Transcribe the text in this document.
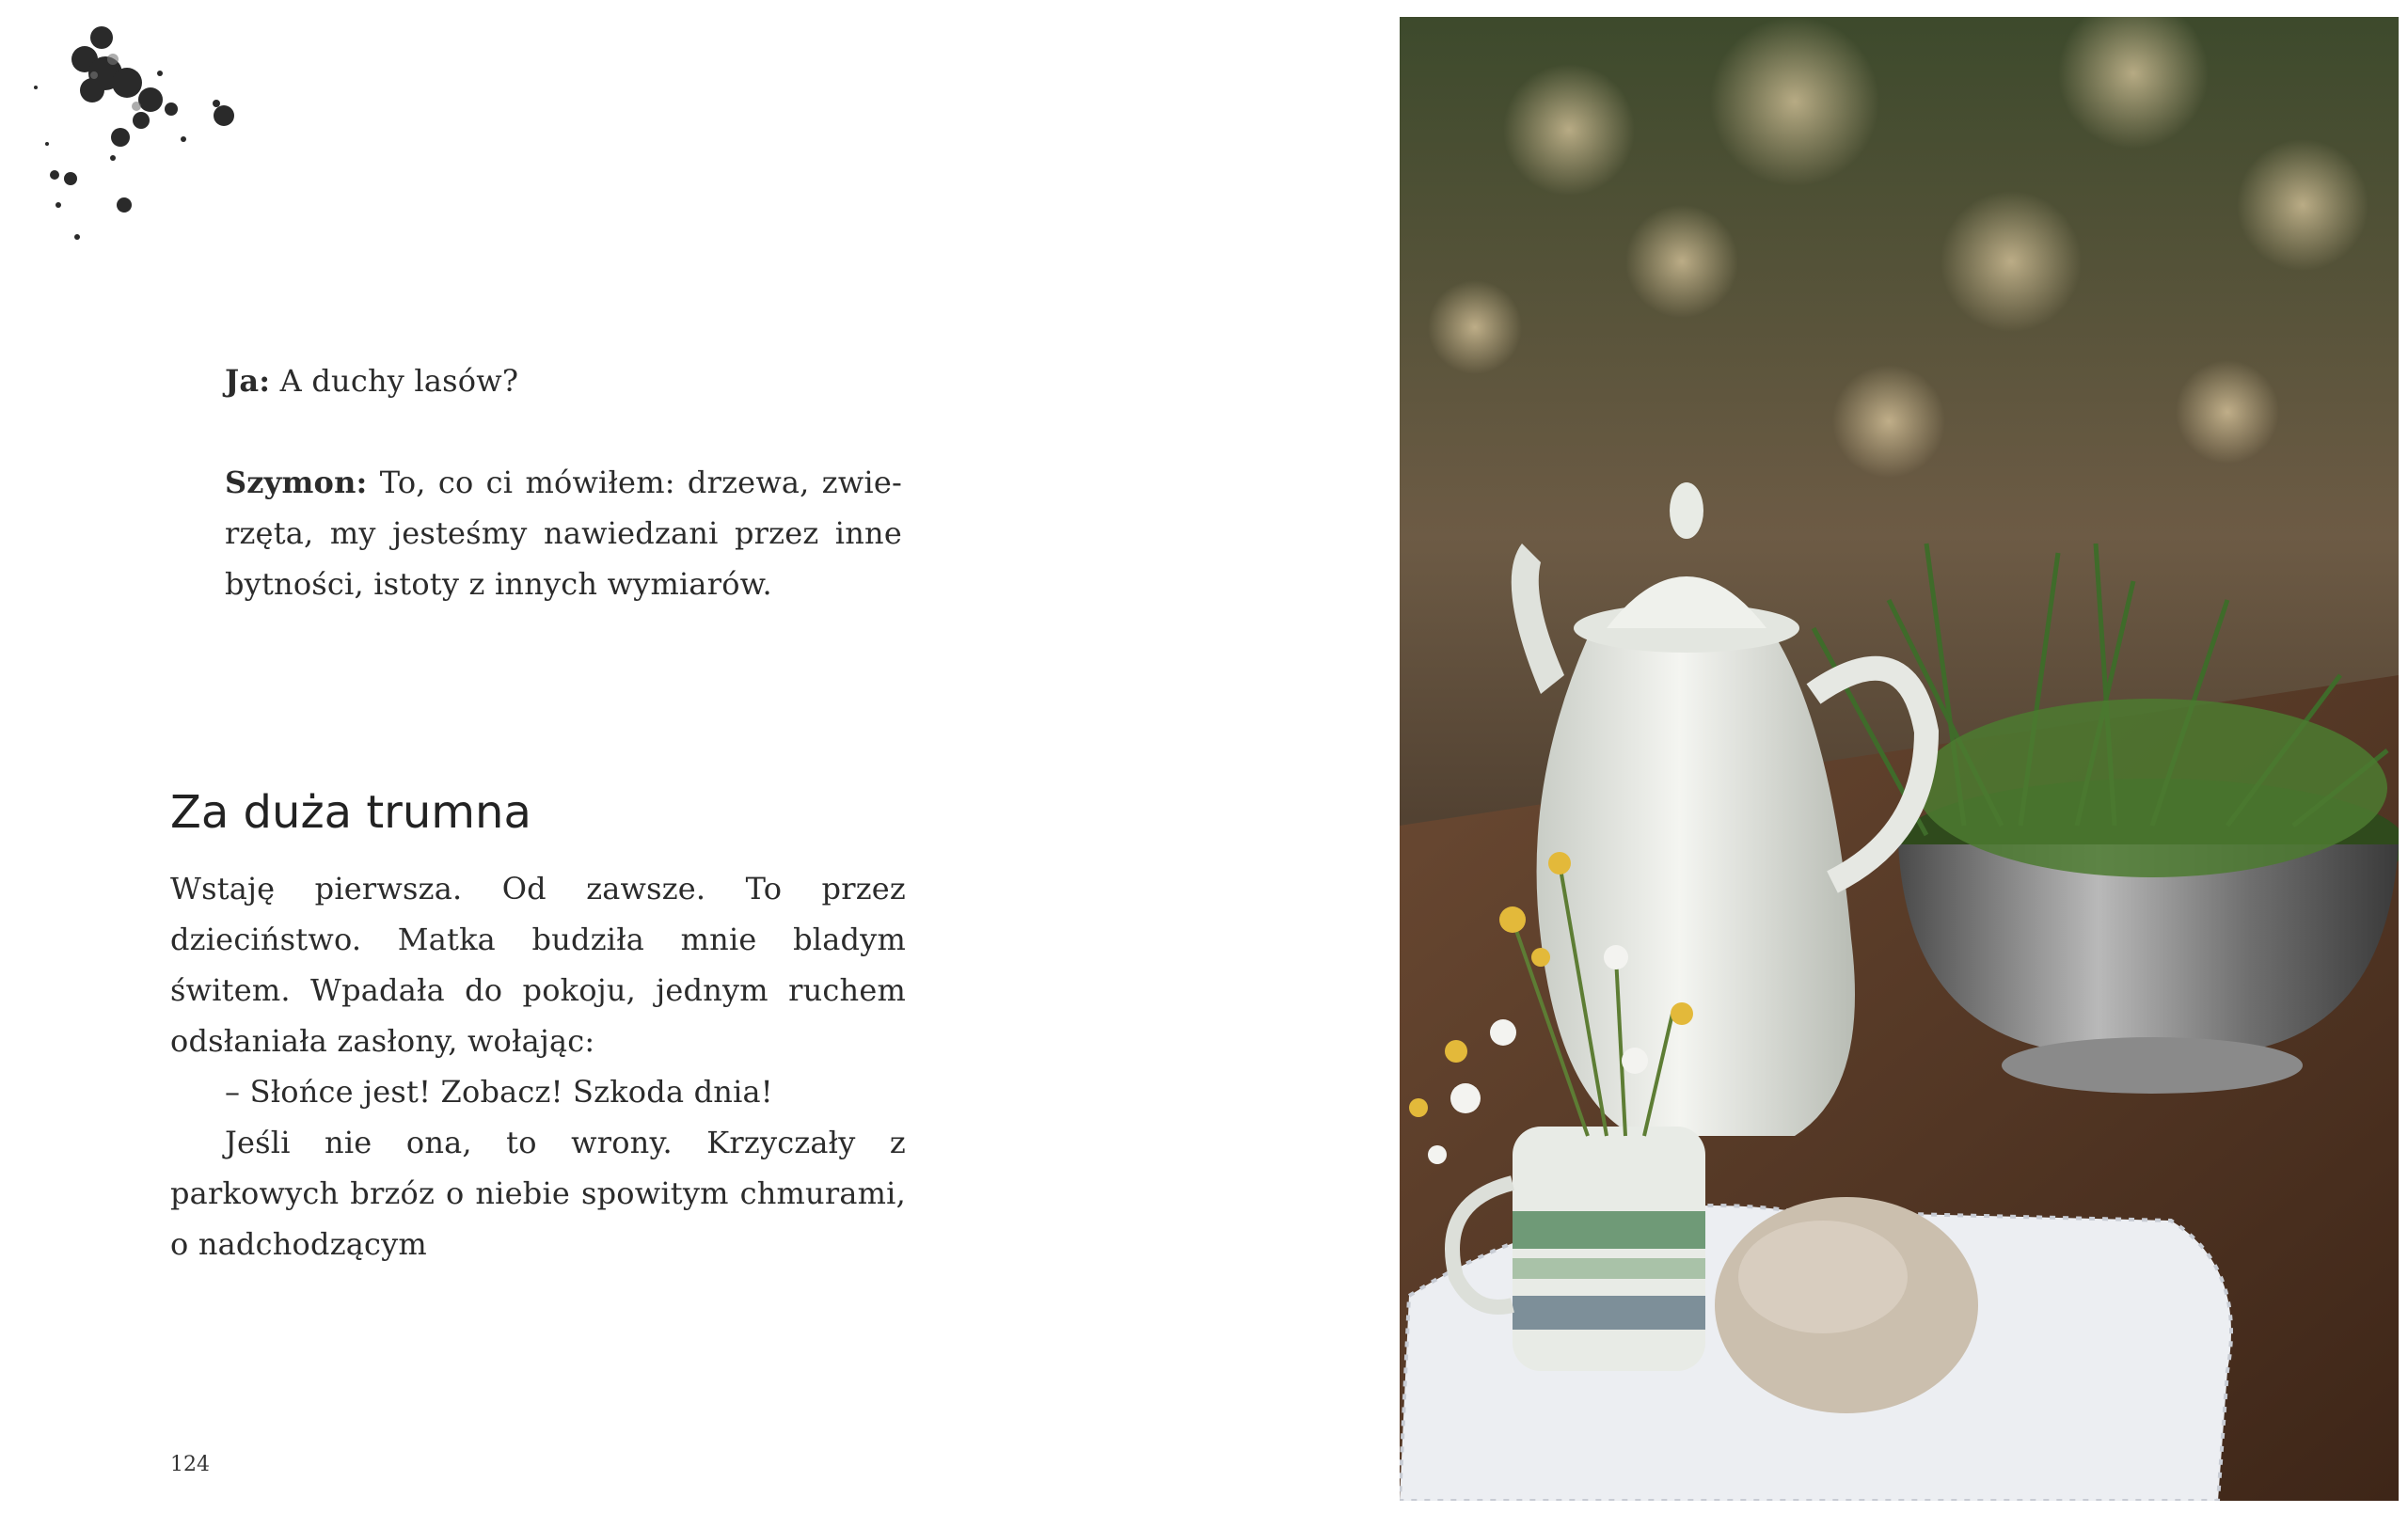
Ja: A duchy lasów?
Szymon: To, co ci mówiłem: drzewa, zwie-rzęta, my jesteśmy nawiedzani przez inne bytności, istoty z innych wymiarów.
Za duża trumna

Wstaję pierwsza. Od zawsze. To przez dzieciństwo. Matka budziła mnie bladym świtem. Wpadała do pokoju, jednym ruchem odsłaniała zasłony, wołając:

– Słońce jest! Zobacz! Szkoda dnia!

Jeśli nie ona, to wrony. Krzyczały z parkowych brzóz o niebie spowitym chmurami, o nadchodzącym

124
